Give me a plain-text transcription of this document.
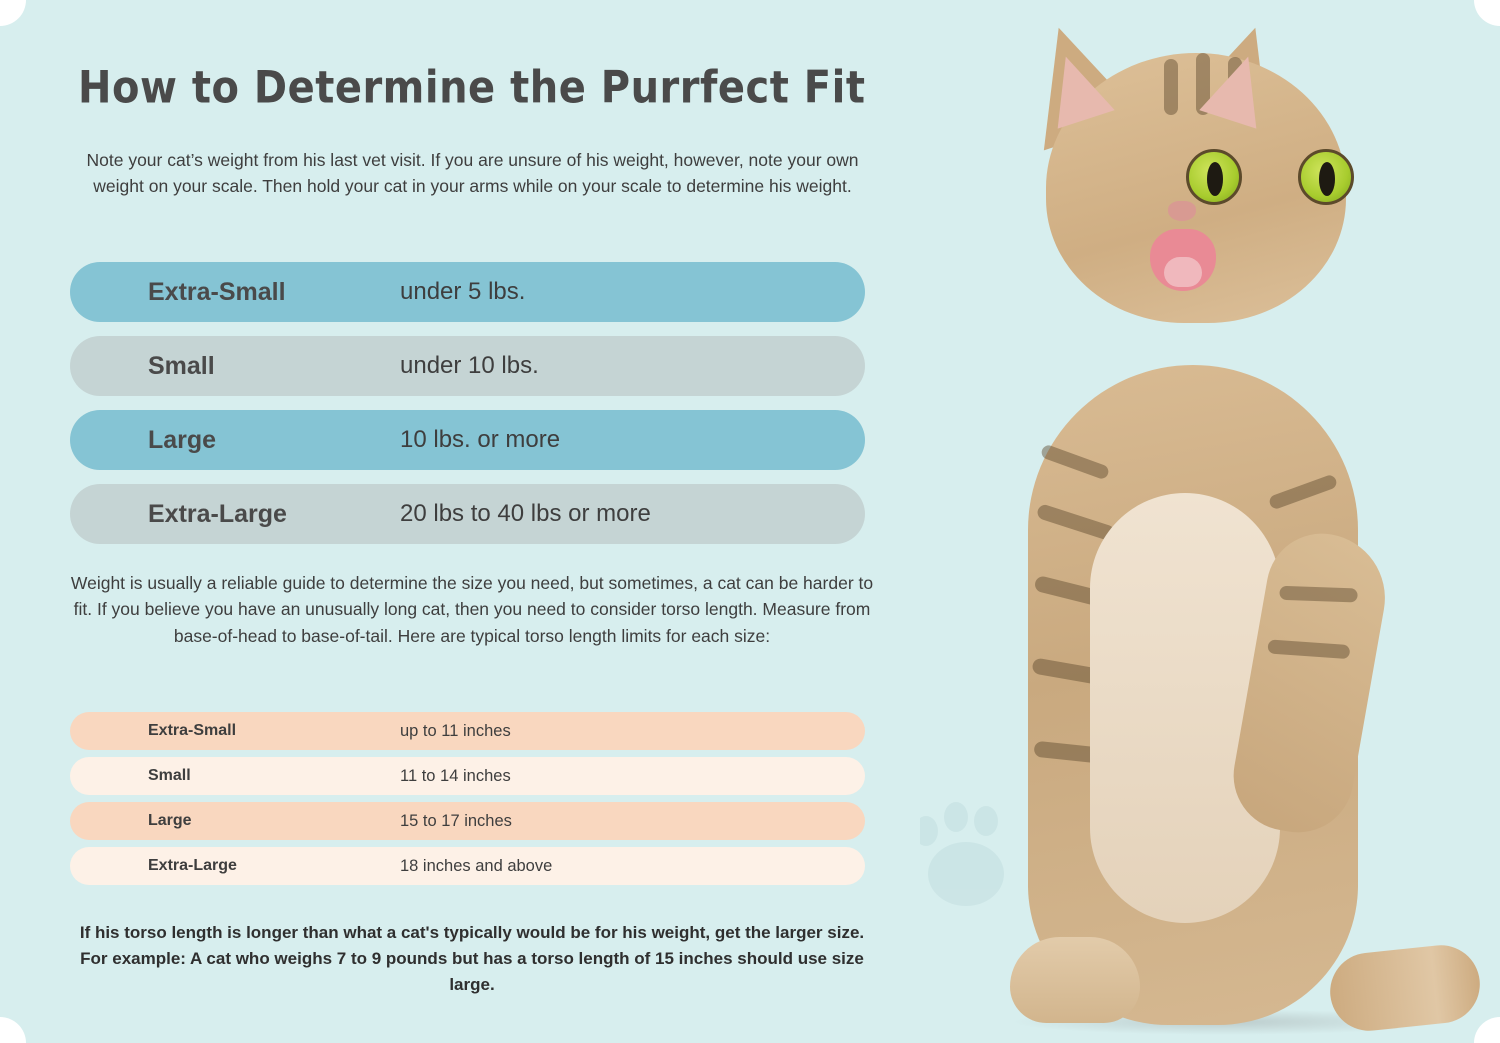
How to Determine the Purrfect Fit
Note your cat’s weight from his last vet visit. If you are unsure of his weight, however, note your own weight on your scale. Then hold your cat in your arms while on your scale to determine his weight.
Extra-Small	under 5 lbs.
Small	under 10 lbs.
Large	10 lbs. or more
Extra-Large	20 lbs to 40 lbs or more
Weight is usually a reliable guide to determine the size you need, but sometimes, a cat can be harder to fit. If you believe you have an unusually long cat, then you need to consider torso length. Measure from base-of-head to base-of-tail. Here are typical torso length limits for each size:
Extra-Small	up to 11 inches
Small	11 to 14 inches
Large	15 to 17 inches
Extra-Large	18 inches and above
If his torso length is longer than what a cat's typically would be for his weight, get the larger size. For example: A cat who weighs 7 to 9 pounds but has a torso length of 15 inches should use size large.
